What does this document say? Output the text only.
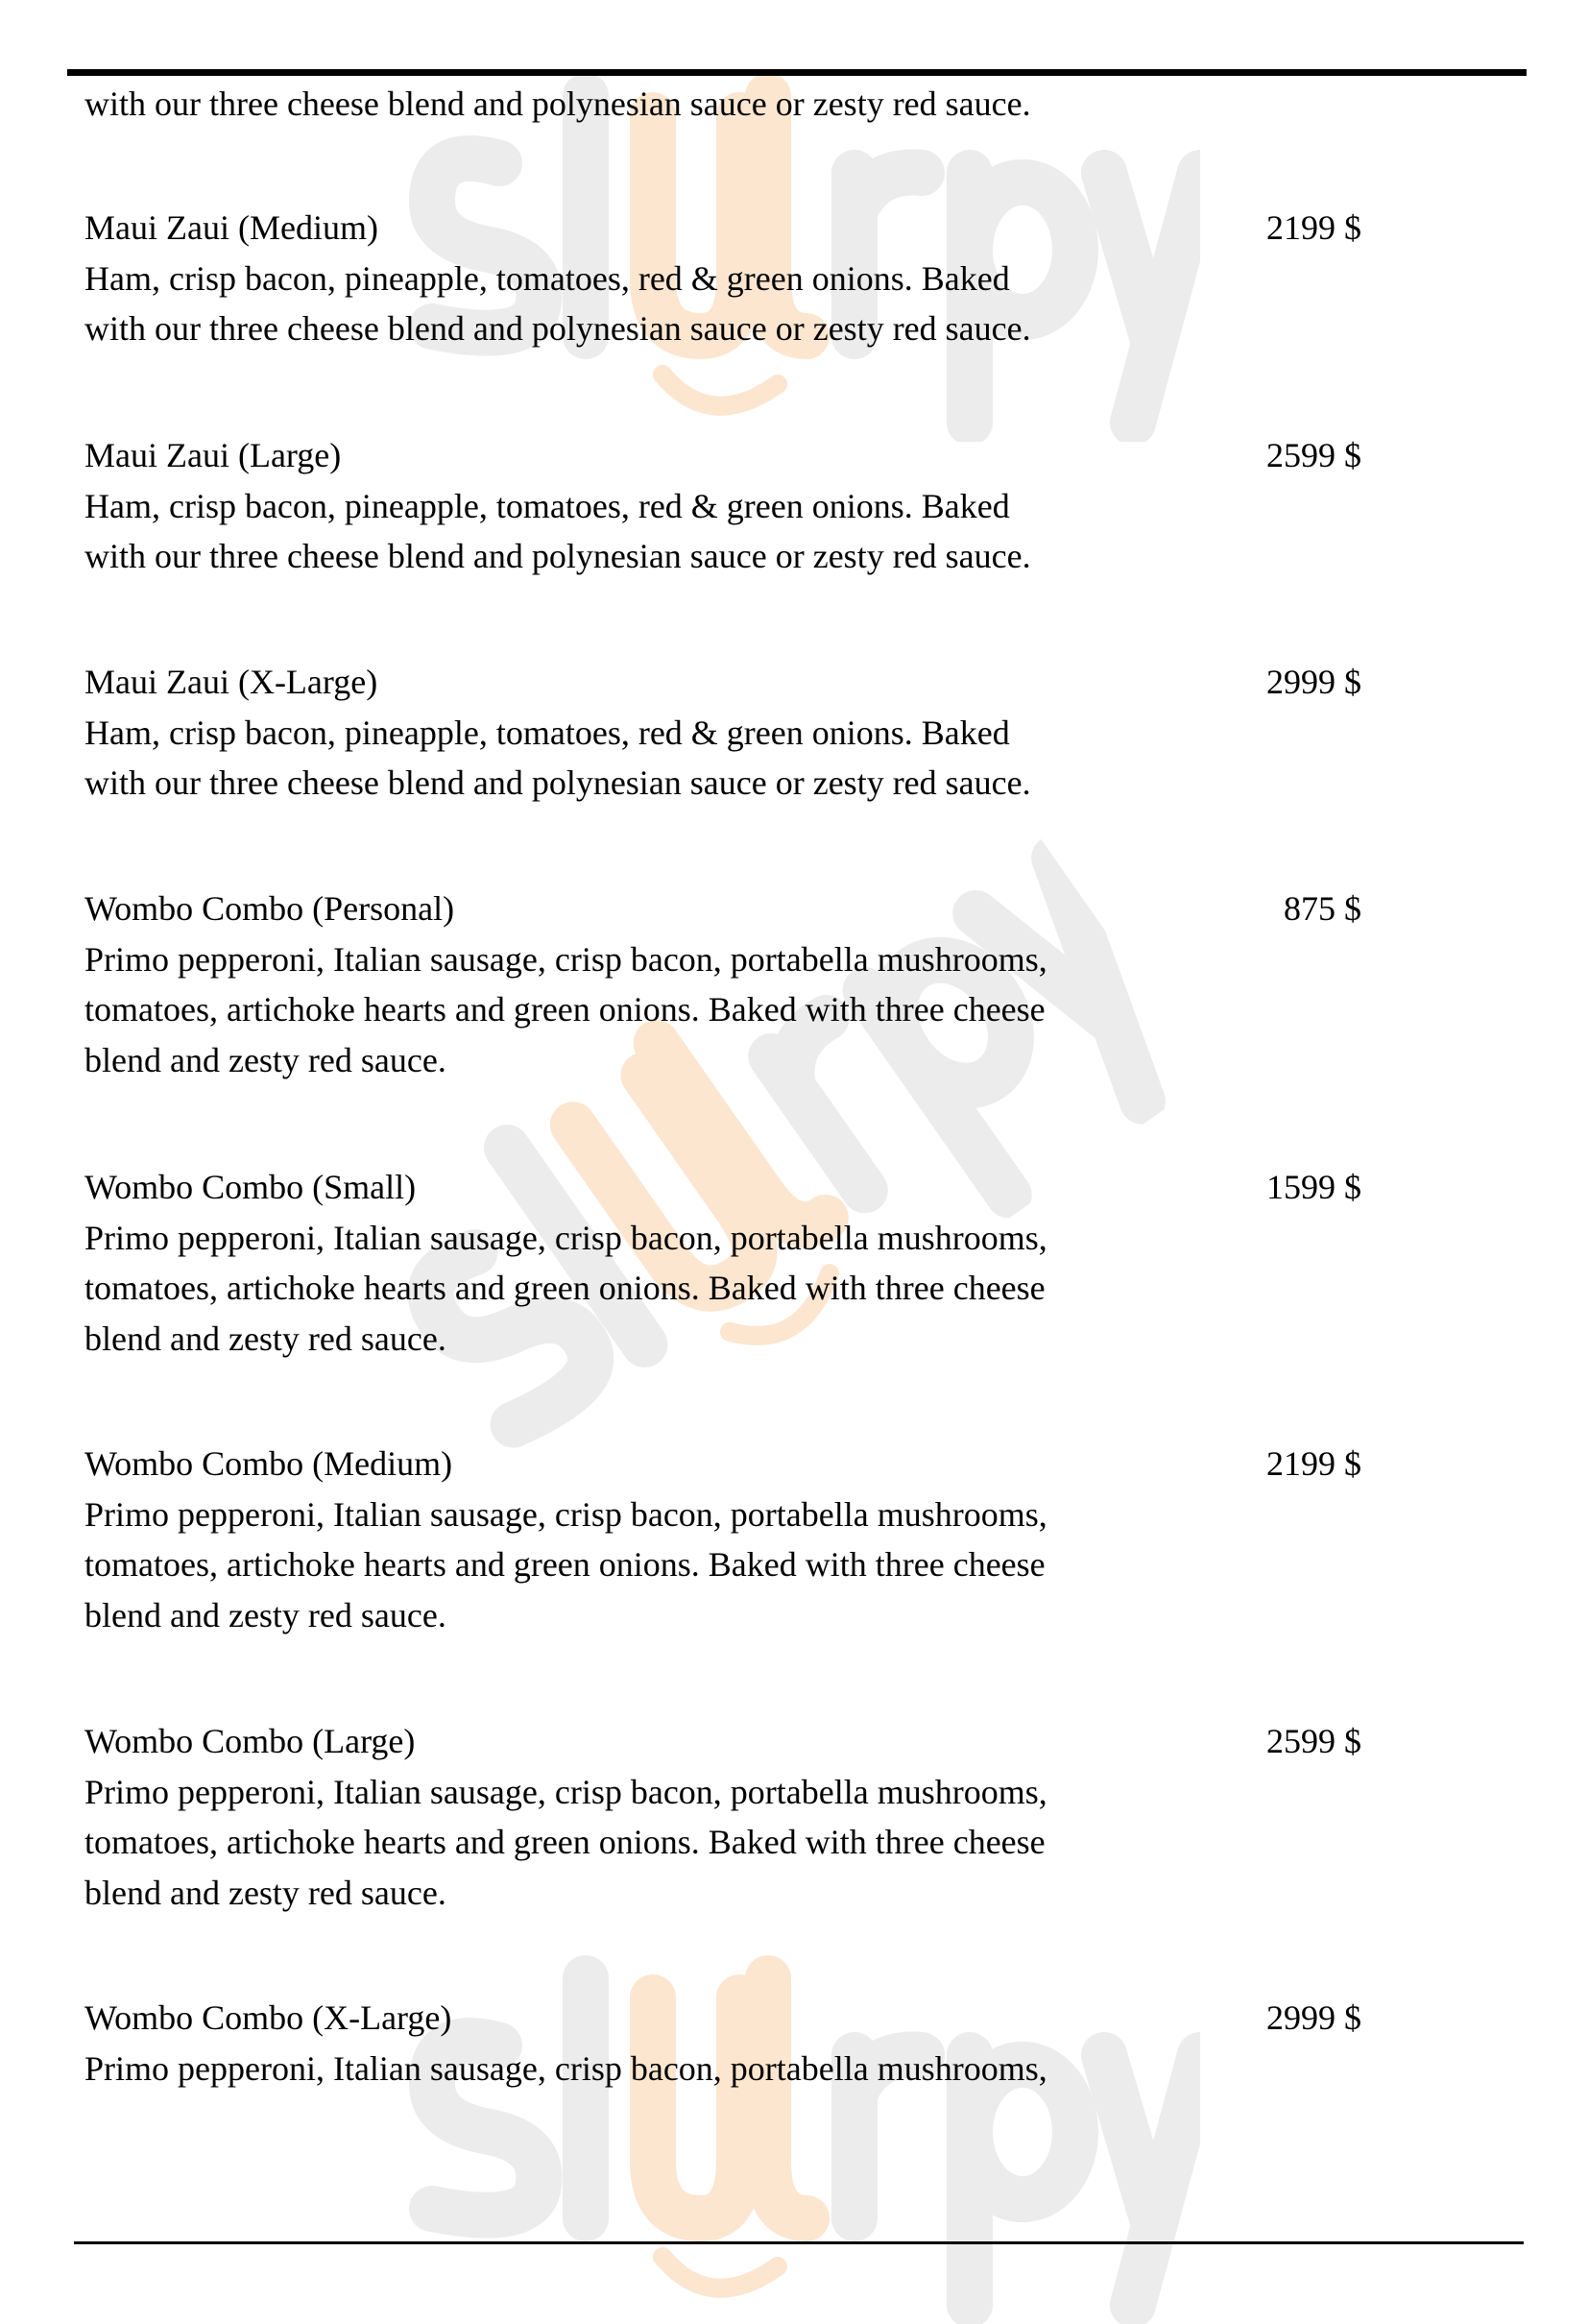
with our three cheese blend and polynesian sauce or zesty red sauce.
Maui Zaui (Medium)	2199 $
Ham, crisp bacon, pineapple, tomatoes, red & green onions. Baked
with our three cheese blend and polynesian sauce or zesty red sauce.
Maui Zaui (Large)	2599 $
Ham, crisp bacon, pineapple, tomatoes, red & green onions. Baked
with our three cheese blend and polynesian sauce or zesty red sauce.
Maui Zaui (X-Large)	2999 $
Ham, crisp bacon, pineapple, tomatoes, red & green onions. Baked
with our three cheese blend and polynesian sauce or zesty red sauce.
Wombo Combo (Personal)	875 $
Primo pepperoni, Italian sausage, crisp bacon, portabella mushrooms,
tomatoes, artichoke hearts and green onions. Baked with three cheese
blend and zesty red sauce.
Wombo Combo (Small)	1599 $
Primo pepperoni, Italian sausage, crisp bacon, portabella mushrooms,
tomatoes, artichoke hearts and green onions. Baked with three cheese
blend and zesty red sauce.
Wombo Combo (Medium)	2199 $
Primo pepperoni, Italian sausage, crisp bacon, portabella mushrooms,
tomatoes, artichoke hearts and green onions. Baked with three cheese
blend and zesty red sauce.
Wombo Combo (Large)	2599 $
Primo pepperoni, Italian sausage, crisp bacon, portabella mushrooms,
tomatoes, artichoke hearts and green onions. Baked with three cheese
blend and zesty red sauce.
Wombo Combo (X-Large)	2999 $
Primo pepperoni, Italian sausage, crisp bacon, portabella mushrooms,
